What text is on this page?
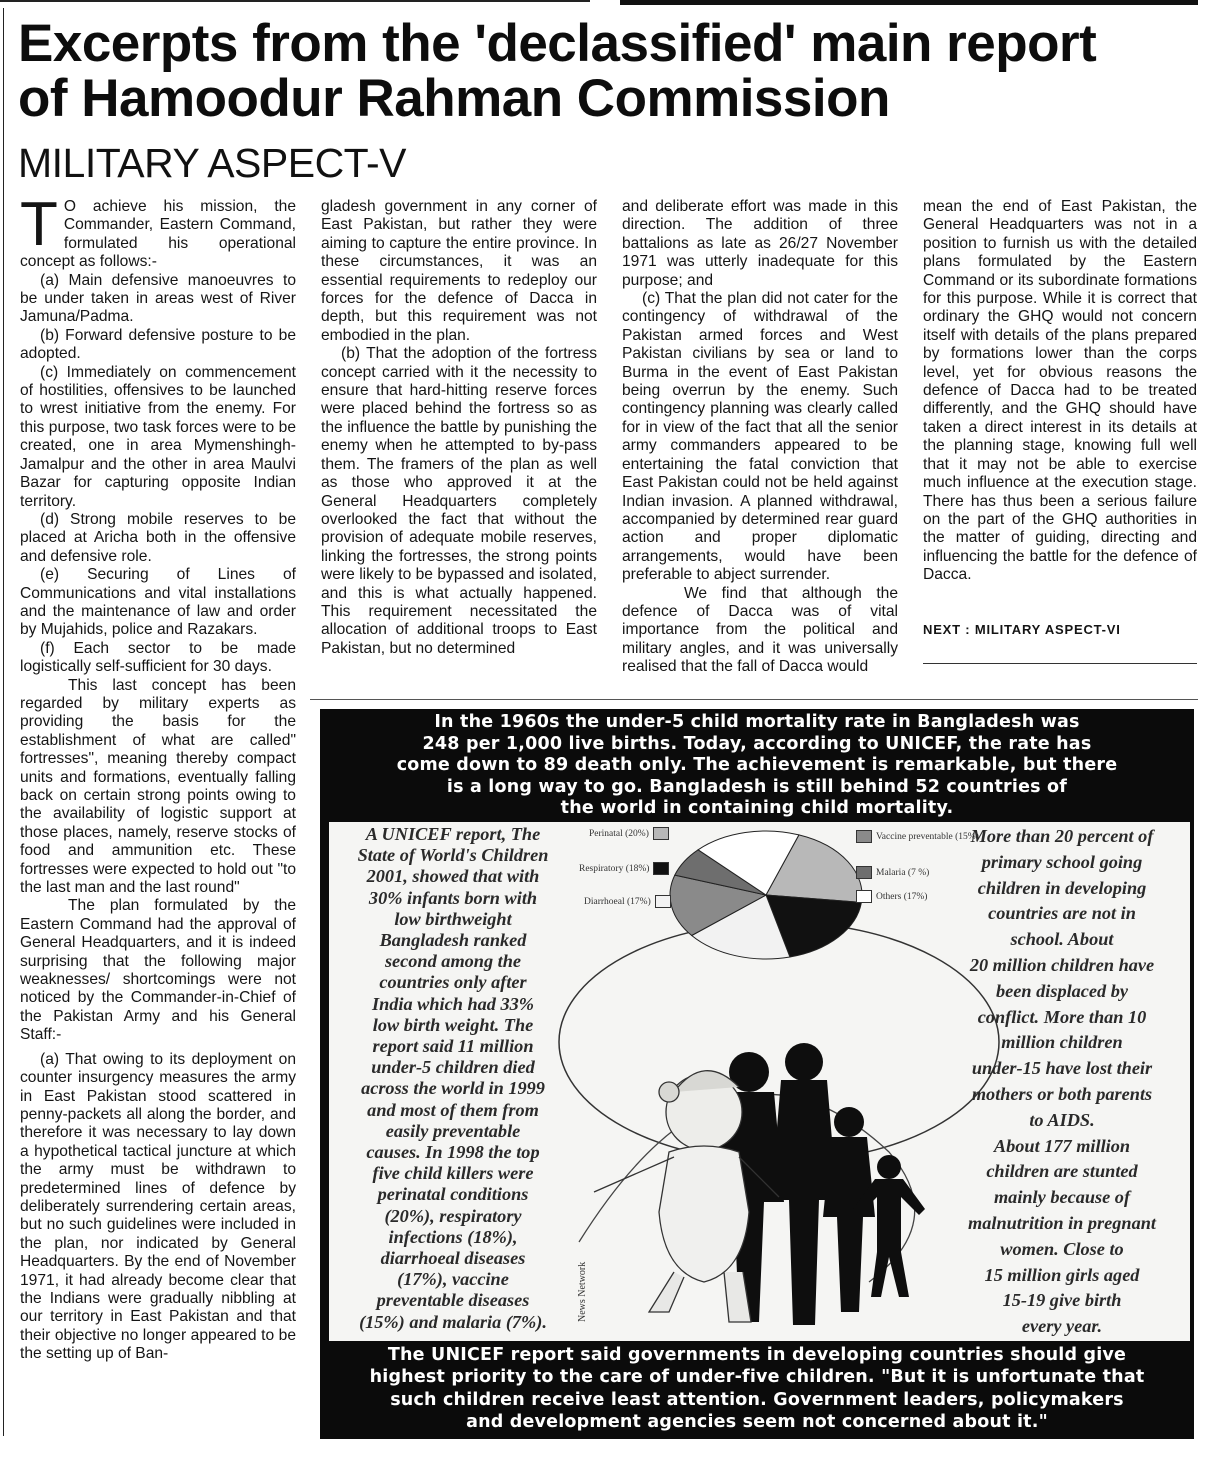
Excerpts from the 'declassified' main report
of Hamoodur Rahman Commission
MILITARY ASPECT-V

T O achieve his mission, the Commander, Eastern Command, formulated his operational concept as follows:-

(a) Main defensive manoeuvres to be under taken in areas west of River Jamuna/Padma.

(b) Forward defensive posture to be adopted.

(c) Immediately on commencement of hostilities, offensives to be launched to wrest initiative from the enemy. For this purpose, two task forces were to be created, one in area Mymenshingh- Jamalpur and the other in area Maulvi Bazar for capturing opposite Indian territory.

(d) Strong mobile reserves to be placed at Aricha both in the offensive and defensive role.

(e) Securing of Lines of Communications and vital installations and the maintenance of law and order by Mujahids, police and Razakars.

(f) Each sector to be made logistically self-sufficient for 30 days.

This last concept has been regarded by military experts as providing the basis for the establishment of what are called" fortresses", meaning thereby compact units and formations, eventually falling back on certain strong points owing to the availability of logistic support at those places, namely, reserve stocks of food and ammunition etc. These fortresses were expected to hold out "to the last man and the last round"

The plan formulated by the Eastern Command had the approval of General Headquarters, and it is indeed surprising that the following major weaknesses/ shortcomings were not noticed by the Commander-in-Chief of the Pakistan Army and his General Staff:-

(a) That owing to its deployment on counter insurgency measures the army in East Pakistan stood scattered in penny-packets all along the border, and therefore it was necessary to lay down a hypothetical tactical juncture at which the army must be withdrawn to predetermined lines of defence by deliberately surrendering certain areas, but no such guidelines were included in the plan, nor indicated by General Headquarters. By the end of November 1971, it had already become clear that the Indians were gradually nibbling at our territory in East Pakistan and that their objective no longer appeared to be the setting up of Ban-

gladesh government in any corner of East Pakistan, but rather they were aiming to capture the entire province. In these circumstances, it was an essential requirements to redeploy our forces for the defence of Dacca in depth, but this requirement was not embodied in the plan.

(b) That the adoption of the fortress concept carried with it the necessity to ensure that hard-hitting reserve forces were placed behind the fortress so as the influence the battle by punishing the enemy when he attempted to by-pass them. The framers of the plan as well as those who approved it at the General Headquarters completely overlooked the fact that without the provision of adequate mobile reserves, linking the fortresses, the strong points were likely to be bypassed and isolated, and this is what actually happened. This requirement necessitated the allocation of additional troops to East Pakistan, but no determined

and deliberate effort was made in this direction. The addition of three battalions as late as 26/27 November 1971 was utterly inadequate for this purpose; and

(c) That the plan did not cater for the contingency of withdrawal of the Pakistan armed forces and West Pakistan civilians by sea or land to Burma in the event of East Pakistan being overrun by the enemy. Such contingency planning was clearly called for in view of the fact that all the senior army commanders appeared to be entertaining the fatal conviction that East Pakistan could not be held against Indian invasion. A planned withdrawal, accompanied by determined rear guard action and proper diplomatic arrangements, would have been preferable to abject surrender.

We find that although the defence of Dacca was of vital importance from the political and military angles, and it was universally realised that the fall of Dacca would

mean the end of East Pakistan, the General Headquarters was not in a position to furnish us with the detailed plans formulated by the Eastern Command or its subordinate formations for this purpose. While it is correct that ordinary the GHQ would not concern itself with details of the plans prepared by formations lower than the corps level, yet for obvious reasons the defence of Dacca had to be treated differently, and the GHQ should have taken a direct interest in its details at the planning stage, knowing full well that it may not be able to exercise much influence at the execution stage. There has thus been a serious failure on the part of the GHQ authorities in the matter of guiding, directing and influencing the battle for the defence of Dacca.

NEXT : MILITARY ASPECT-VI
In the 1960s the under-5 child mortality rate in Bangladesh was
248 per 1,000 live births. Today, according to UNICEF, the rate has
come down to 89 death only. The achievement is remarkable, but there
is a long way to go. Bangladesh is still behind 52 countries of
the world in containing child mortality.
Perinatal (20%)
Respiratory (18%)
Diarrhoeal (17%)
Vaccine preventable (15%)
Malaria (7 %)
Others (17%)
A UNICEF report, The
State of World's Children
2001, showed that with
30% infants born with
low birthweight
Bangladesh ranked
second among the
countries only after
India which had 33%
low birth weight. The
report said 11 million
under-5 children died
across the world in 1999
and most of them from
easily preventable
causes. In 1998 the top
five child killers were
perinatal conditions
(20%), respiratory
infections (18%),
diarrhoeal diseases
(17%), vaccine
preventable diseases
(15%) and malaria (7%).	News Network
More than 20 percent of
primary school going
children in developing
countries are not in
school. About
20 million children have
been displaced by
conflict. More than 10
million children
under-15 have lost their
mothers or both parents
to AIDS.
About 177 million
children are stunted
mainly because of
malnutrition in pregnant
women. Close to
15 million girls aged
15-19 give birth
every year.
The UNICEF report said governments in developing countries should give
highest priority to the care of under-five children. "But it is unfortunate that
such children receive least attention. Government leaders, policymakers
and development agencies seem not concerned about it."
